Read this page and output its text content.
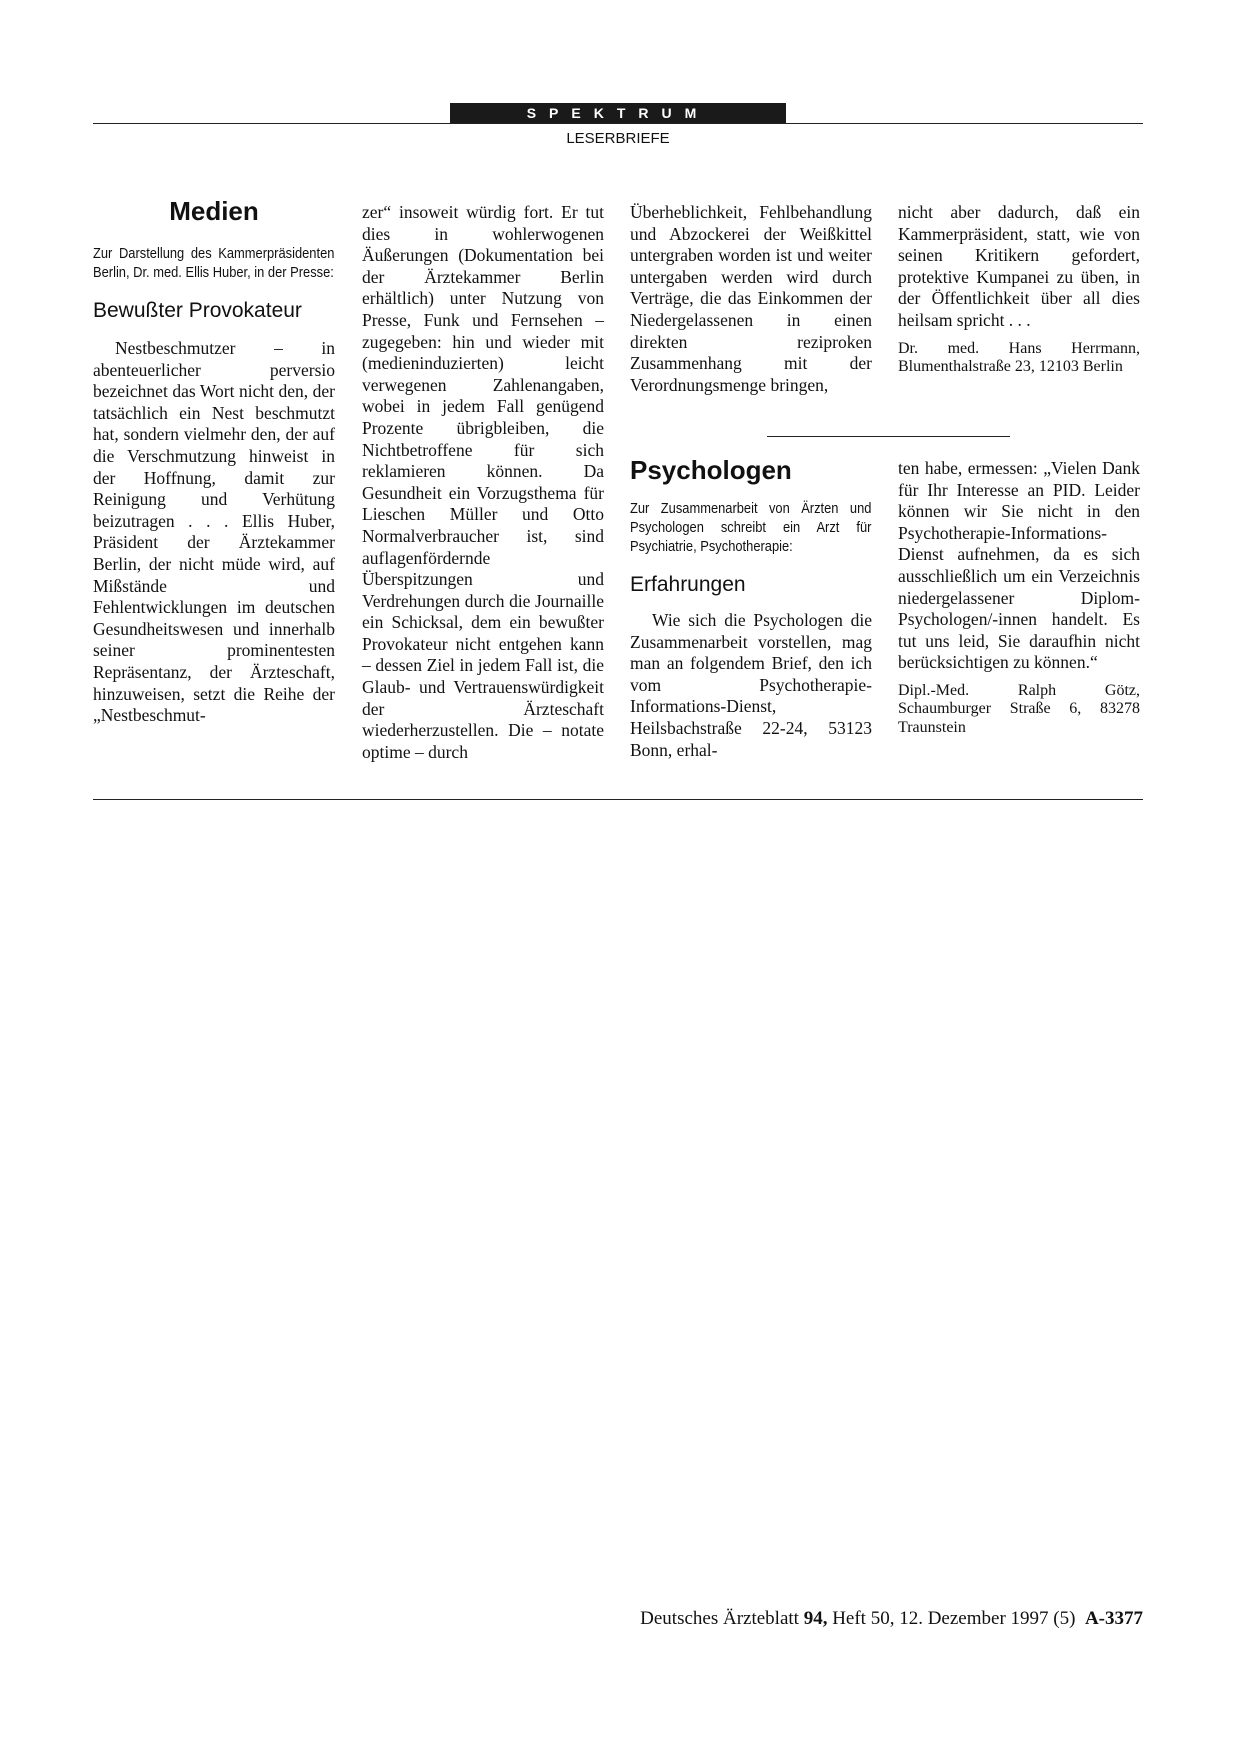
SPEKTRUM
LESERBRIEFE
Medien

Zur Darstellung des Kammerpräsidenten Berlin, Dr. med. Ellis Huber, in der Presse:

Bewußter Provokateur

Nestbeschmutzer – in abenteuerlicher perversio bezeichnet das Wort nicht den, der tatsächlich ein Nest beschmutzt hat, sondern vielmehr den, der auf die Verschmutzung hinweist in der Hoffnung, damit zur Reinigung und Verhütung beizutragen . . . Ellis Huber, Präsident der Ärztekammer Berlin, der nicht müde wird, auf Mißstände und Fehlentwicklungen im deutschen Gesundheitswesen und innerhalb seiner prominentesten Repräsentanz, der Ärzteschaft, hinzuweisen, setzt die Reihe der „Nestbeschmut-

zer“ insoweit würdig fort. Er tut dies in wohlerwogenen Äußerungen (Dokumentation bei der Ärztekammer Berlin erhältlich) unter Nutzung von Presse, Funk und Fernsehen – zugegeben: hin und wieder mit (medieninduzierten) leicht verwegenen Zahlenangaben, wobei in jedem Fall genügend Prozente übrigbleiben, die Nichtbetroffene für sich reklamieren können. Da Gesundheit ein Vorzugsthema für Lieschen Müller und Otto Normalverbraucher ist, sind auflagenfördernde Überspitzungen und Verdrehungen durch die Journaille ein Schicksal, dem ein bewußter Provokateur nicht entgehen kann – dessen Ziel in jedem Fall ist, die Glaub- und Vertrauenswürdigkeit der Ärzteschaft wiederherzustellen. Die – notate optime – durch

Überheblichkeit, Fehlbehandlung und Abzockerei der Weißkittel untergraben worden ist und weiter untergaben werden wird durch Verträge, die das Einkommen der Niedergelassenen in einen direkten reziproken Zusammenhang mit der Verordnungsmenge bringen,

nicht aber dadurch, daß ein Kammerpräsident, statt, wie von seinen Kritikern gefordert, protektive Kumpanei zu üben, in der Öffentlichkeit über all dies heilsam spricht . . .

Dr. med. Hans Herrmann, Blumenthalstraße 23, 12103 Berlin

Psychologen

Zur Zusammenarbeit von Ärzten und Psychologen schreibt ein Arzt für Psychiatrie, Psychotherapie:

Erfahrungen

Wie sich die Psychologen die Zusammenarbeit vorstellen, mag man an folgendem Brief, den ich vom Psychotherapie-Informations-Dienst, Heilsbachstraße 22-24, 53123 Bonn, erhal-

ten habe, ermessen: „Vielen Dank für Ihr Interesse an PID. Leider können wir Sie nicht in den Psychotherapie-Informations-Dienst aufnehmen, da es sich ausschließlich um ein Verzeichnis niedergelassener Diplom-Psychologen/-innen handelt. Es tut uns leid, Sie daraufhin nicht berücksichtigen zu können.“

Dipl.-Med. Ralph Götz, Schaumburger Straße 6, 83278 Traunstein

Deutsches Ärzteblatt 94, Heft 50, 12. Dezember 1997 (5) A-3377
